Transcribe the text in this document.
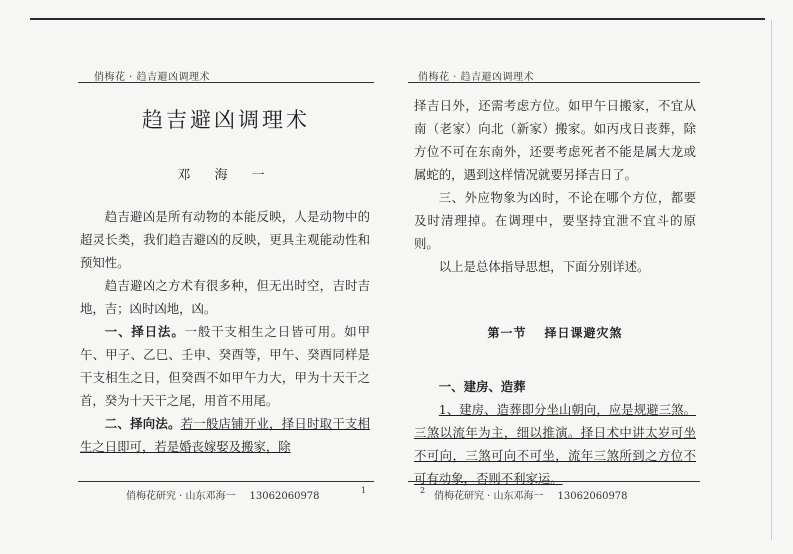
俏梅花 · 趋吉避凶调理术
趋吉避凶调理术
邓 海 一

趋吉避凶是所有动物的本能反映，人是动物中的超灵长类，我们趋吉避凶的反映，更具主观能动性和预知性。

趋吉避凶之方术有很多种，但无出时空，吉时吉地，吉；凶时凶地，凶。

一、择日法。一般干支相生之日皆可用。如甲午、甲子、乙巳、壬申、癸酉等，甲午、癸酉同样是干支相生之日，但癸酉不如甲午力大，甲为十天干之首，癸为十天干之尾，用首不用尾。

二、择向法。若一般店铺开业，择日时取干支相生之日即可，若是婚丧嫁娶及搬家，除

俏梅花研究 · 山东邓海一 13062060978
1
俏梅花 · 趋吉避凶调理术

择吉日外，还需考虑方位。如甲午日搬家，不宜从南（老家）向北（新家）搬家。如丙戌日丧葬，除方位不可在东南外，还要考虑死者不能是属大龙或属蛇的，遇到这样情况就要另择吉日了。

三、外应物象为凶时，不论在哪个方位，都要及时清理掉。在调理中，要坚持宜泄不宜斗的原则。

以上是总体指导思想，下面分别详述。

第一节 择日课避灾煞

一、建房、造葬

1、建房、造葬即分坐山朝向，应是规避三煞。三煞以流年为主，细以推演。择日术中讲太岁可坐不可向，三煞可向不可坐，流年三煞所到之方位不可有动象，否则不利家运。

2
俏梅花研究 · 山东邓海一 13062060978
